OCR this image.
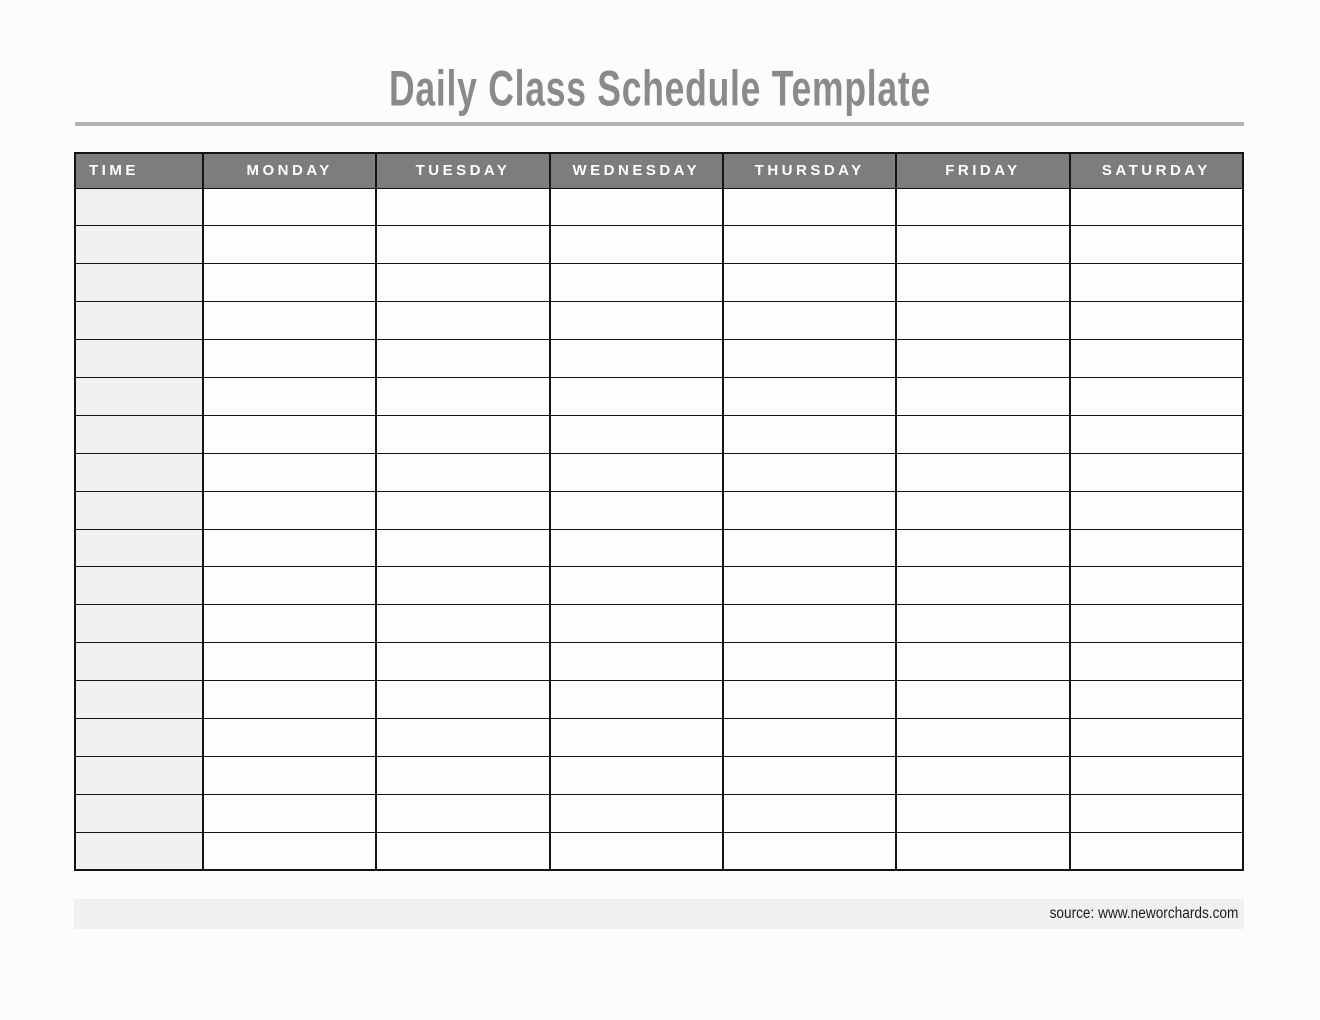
Daily Class Schedule Template
TIME	MONDAY	TUESDAY	WEDNESDAY	THURSDAY	FRIDAY	SATURDAY

source: www.neworchards.com
